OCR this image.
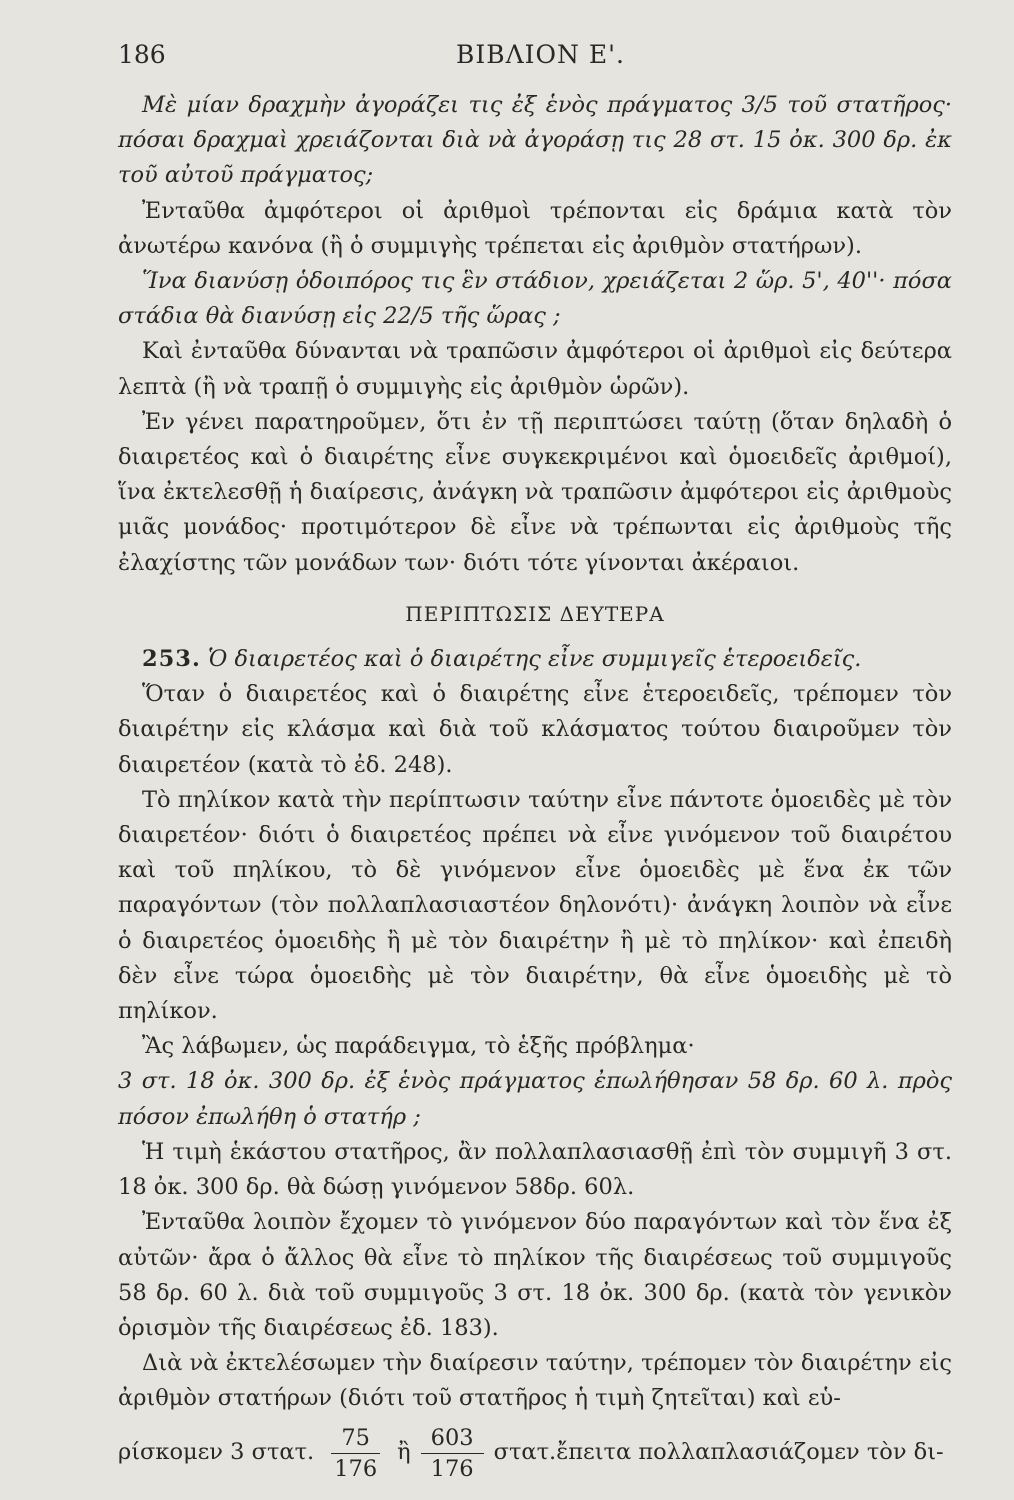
186	ΒΙΒΛΙΟΝ Ε'.

Μὲ μίαν δραχμὴν ἀγοράζει τις ἐξ ἑνὸς πράγματος 3/5 τοῦ στατῆρος· πόσαι δραχμαὶ χρειάζονται διὰ νὰ ἀγοράσῃ τις 28 στ. 15 ὀκ. 300 δρ. ἐκ τοῦ αὐτοῦ πράγματος;

Ἐνταῦθα ἀμφότεροι οἱ ἀριθμοὶ τρέπονται εἰς δράμια κατὰ τὸν ἀνωτέρω κανόνα (ἢ ὁ συμμιγὴς τρέπεται εἰς ἀριθμὸν στατήρων).

Ἵνα διανύσῃ ὁδοιπόρος τις ἓν στάδιον, χρειάζεται 2 ὥρ. 5', 40''· πόσα στάδια θὰ διανύσῃ εἰς 22/5 τῆς ὥρας ;

Καὶ ἐνταῦθα δύνανται νὰ τραπῶσιν ἀμφότεροι οἱ ἀριθμοὶ εἰς δεύτερα λεπτὰ (ἢ νὰ τραπῇ ὁ συμμιγὴς εἰς ἀριθμὸν ὡρῶν).

Ἐν γένει παρατηροῦμεν, ὅτι ἐν τῇ περιπτώσει ταύτῃ (ὅταν δηλαδὴ ὁ διαιρετέος καὶ ὁ διαιρέτης εἶνε συγκεκριμένοι καὶ ὁμοειδεῖς ἀριθμοί), ἵνα ἐκτελεσθῇ ἡ διαίρεσις, ἀνάγκη νὰ τραπῶσιν ἀμφότεροι εἰς ἀριθμοὺς μιᾶς μονάδος· προτιμότερον δὲ εἶνε νὰ τρέπωνται εἰς ἀριθμοὺς τῆς ἐλαχίστης τῶν μονάδων των· διότι τότε γίνονται ἀκέραιοι.

ΠΕΡΙΠΤΩΣΙΣ ΔΕΥΤΕΡΑ

253. Ὁ διαιρετέος καὶ ὁ διαιρέτης εἶνε συμμιγεῖς ἑτεροειδεῖς.

Ὅταν ὁ διαιρετέος καὶ ὁ διαιρέτης εἶνε ἑτεροειδεῖς, τρέπομεν τὸν διαιρέτην εἰς κλάσμα καὶ διὰ τοῦ κλάσματος τούτου διαιροῦμεν τὸν διαιρετέον (κατὰ τὸ ἐδ. 248).

Τὸ πηλίκον κατὰ τὴν περίπτωσιν ταύτην εἶνε πάντοτε ὁμοειδὲς μὲ τὸν διαιρετέον· διότι ὁ διαιρετέος πρέπει νὰ εἶνε γινόμενον τοῦ διαιρέτου καὶ τοῦ πηλίκου, τὸ δὲ γινόμενον εἶνε ὁμοειδὲς μὲ ἕνα ἐκ τῶν παραγόντων (τὸν πολλαπλασιαστέον δηλονότι)· ἀνάγκη λοιπὸν νὰ εἶνε ὁ διαιρετέος ὁμοειδὴς ἢ μὲ τὸν διαιρέτην ἢ μὲ τὸ πηλίκον· καὶ ἐπειδὴ δὲν εἶνε τώρα ὁμοειδὴς μὲ τὸν διαιρέτην, θὰ εἶνε ὁμοειδὴς μὲ τὸ πηλίκον.

Ἂς λάβωμεν, ὡς παράδειγμα, τὸ ἑξῆς πρόβλημα·

3 στ. 18 ὀκ. 300 δρ. ἐξ ἑνὸς πράγματος ἐπωλήθησαν 58 δρ. 60 λ. πρὸς πόσον ἐπωλήθη ὁ στατήρ ;

Ἡ τιμὴ ἑκάστου στατῆρος, ἂν πολλαπλασιασθῇ ἐπὶ τὸν συμμιγῆ 3 στ. 18 ὀκ. 300 δρ. θὰ δώσῃ γινόμενον 58δρ. 60λ.

Ἐνταῦθα λοιπὸν ἔχομεν τὸ γινόμενον δύο παραγόντων καὶ τὸν ἕνα ἐξ αὐτῶν· ἄρα ὁ ἄλλος θὰ εἶνε τὸ πηλίκον τῆς διαιρέσεως τοῦ συμμιγοῦς 58 δρ. 60 λ. διὰ τοῦ συμμιγοῦς 3 στ. 18 ὀκ. 300 δρ. (κατὰ τὸν γενικὸν ὁρισμὸν τῆς διαιρέσεως ἐδ. 183).

Διὰ νὰ ἐκτελέσωμεν τὴν διαίρεσιν ταύτην, τρέπομεν τὸν διαιρέτην εἰς ἀριθμὸν στατήρων (διότι τοῦ στατῆρος ἡ τιμὴ ζητεῖται) καὶ εὑ-

ρίσκομεν 3 στατ. $\frac{75}{176}$ ἢ $\frac{603}{176}$ στατ.ἔπειτα πολλαπλασιάζομεν τὸν δι-
